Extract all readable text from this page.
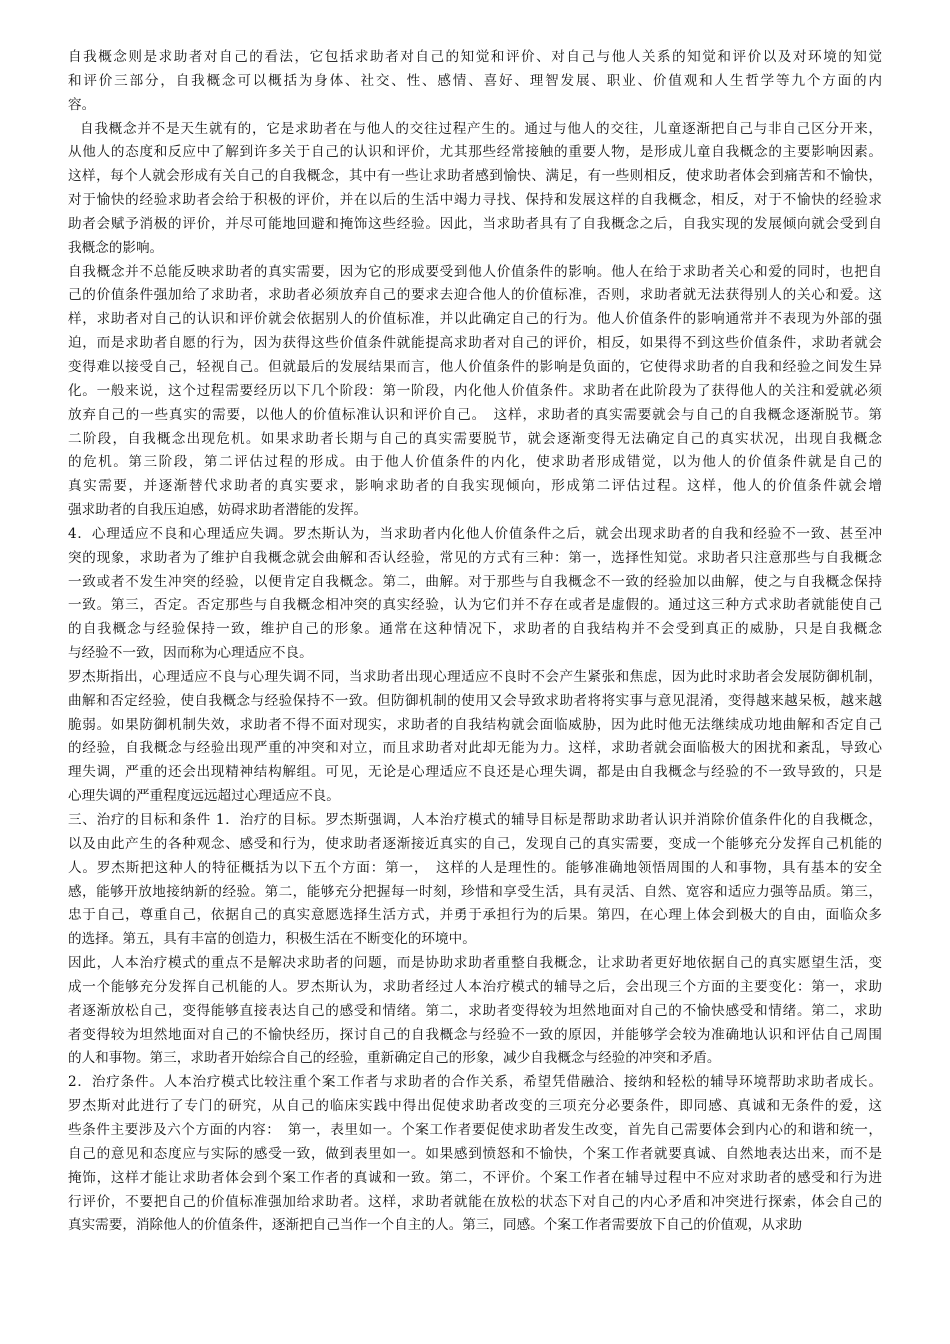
自我概念则是求助者对自己的看法，它包括求助者对自己的知觉和评价、对自己与他人关系的知觉和评价以及对环境的知觉
和评价三部分，自我概念可以概括为身体、社交、性、感情、喜好、理智发展、职业、价值观和人生哲学等九个方面的内
容。
自我概念并不是天生就有的，它是求助者在与他人的交往过程产生的。通过与他人的交往，儿童逐渐把自己与非自己区分开来，
从他人的态度和反应中了解到许多关于自己的认识和评价，尤其那些经常接触的重要人物，是形成儿童自我概念的主要影响因素。
这样，每个人就会形成有关自己的自我概念，其中有一些让求助者感到愉快、满足，有一些则相反，使求助者体会到痛苦和不愉快，
对于愉快的经验求助者会给于积极的评价，并在以后的生活中竭力寻找、保持和发展这样的自我概念，相反，对于不愉快的经验求
助者会赋予消极的评价，并尽可能地回避和掩饰这些经验。因此，当求助者具有了自我概念之后，自我实现的发展倾向就会受到自
我概念的影响。
自我概念并不总能反映求助者的真实需要，因为它的形成要受到他人价值条件的影响。他人在给于求助者关心和爱的同时，也把自
己的价值条件强加给了求助者，求助者必须放弃自己的要求去迎合他人的价值标准，否则，求助者就无法获得别人的关心和爱。这
样，求助者对自己的认识和评价就会依据别人的价值标准，并以此确定自己的行为。他人价值条件的影响通常并不表现为外部的强
迫，而是求助者自愿的行为，因为获得这些价值条件就能提高求助者对自己的评价，相反，如果得不到这些价值条件，求助者就会
变得难以接受自己，轻视自己。但就最后的发展结果而言，他人价值条件的影响是负面的，它使得求助者的自我和经验之间发生异
化。一般来说，这个过程需要经历以下几个阶段：第一阶段，内化他人价值条件。求助者在此阶段为了获得他人的关注和爱就必须
放弃自己的一些真实的需要，以他人的价值标准认识和评价自己。　这样，求助者的真实需要就会与自己的自我概念逐渐脱节。第
二阶段，自我概念出现危机。如果求助者长期与自己的真实需要脱节，就会逐渐变得无法确定自己的真实状况，出现自我概念
的危机。第三阶段，第二评估过程的形成。由于他人价值条件的内化，使求助者形成错觉，以为他人的价值条件就是自己的
真实需要，并逐渐替代求助者的真实要求，影响求助者的自我实现倾向，形成第二评估过程。这样，他人的价值条件就会增
强求助者的自我压迫感，妨碍求助者潜能的发挥。
4．心理适应不良和心理适应失调。罗杰斯认为，当求助者内化他人价值条件之后，就会出现求助者的自我和经验不一致、甚至冲
突的现象，求助者为了维护自我概念就会曲解和否认经验，常见的方式有三种：第一，选择性知觉。求助者只注意那些与自我概念
一致或者不发生冲突的经验，以便肯定自我概念。第二，曲解。对于那些与自我概念不一致的经验加以曲解，使之与自我概念保持
一致。第三，否定。否定那些与自我概念相冲突的真实经验，认为它们并不存在或者是虚假的。通过这三种方式求助者就能使自己
的自我概念与经验保持一致，维护自己的形象。通常在这种情况下，求助者的自我结构并不会受到真正的威胁，只是自我概念
与经验不一致，因而称为心理适应不良。
罗杰斯指出，心理适应不良与心理失调不同，当求助者出现心理适应不良时不会产生紧张和焦虑，因为此时求助者会发展防御机制，
曲解和否定经验，使自我概念与经验保持不一致。但防御机制的使用又会导致求助者将将实事与意见混淆，变得越来越呆板，越来越
脆弱。如果防御机制失效，求助者不得不面对现实，求助者的自我结构就会面临威胁，因为此时他无法继续成功地曲解和否定自己
的经验，自我概念与经验出现严重的冲突和对立，而且求助者对此却无能为力。这样，求助者就会面临极大的困扰和紊乱，导致心
理失调，严重的还会出现精神结构解组。可见，无论是心理适应不良还是心理失调，都是由自我概念与经验的不一致导致的，只是
心理失调的严重程度远远超过心理适应不良。
三、治疗的目标和条件 1．治疗的目标。罗杰斯强调，人本治疗模式的辅导目标是帮助求助者认识并消除价值条件化的自我概念，
以及由此产生的各种观念、感受和行为，使求助者逐渐接近真实的自己，发现自己的真实需要，变成一个能够充分发挥自己机能的
人。罗杰斯把这种人的特征概括为以下五个方面：第一，　这样的人是理性的。能够准确地领悟周围的人和事物，具有基本的安全
感，能够开放地接纳新的经验。第二，能够充分把握每一时刻，珍惜和享受生活，具有灵活、自然、宽容和适应力强等品质。第三，
忠于自己，尊重自己，依据自己的真实意愿选择生活方式，并勇于承担行为的后果。第四，在心理上体会到极大的自由，面临众多
的选择。第五，具有丰富的创造力，积极生活在不断变化的环境中。
因此，人本治疗模式的重点不是解决求助者的问题，而是协助求助者重整自我概念，让求助者更好地依据自己的真实愿望生活，变
成一个能够充分发挥自己机能的人。罗杰斯认为，求助者经过人本治疗模式的辅导之后，会出现三个方面的主要变化：第一，求助
者逐渐放松自己，变得能够直接表达自己的感受和情绪。第二，求助者变得较为坦然地面对自己的不愉快感受和情绪。第二，求助
者变得较为坦然地面对自己的不愉快经历，探讨自己的自我概念与经验不一致的原因，并能够学会较为准确地认识和评估自己周围
的人和事物。第三，求助者开始综合自己的经验，重新确定自己的形象，减少自我概念与经验的冲突和矛盾。
2．治疗条件。人本治疗模式比较注重个案工作者与求助者的合作关系，希望凭借融洽、接纳和轻松的辅导环境帮助求助者成长。
罗杰斯对此进行了专门的研究，从自己的临床实践中得出促使求助者改变的三项充分必要条件，即同感、真诚和无条件的爱，这
些条件主要涉及六个方面的内容：　第一，表里如一。个案工作者要促使求助者发生改变，首先自己需要体会到内心的和谐和统一，
自己的意见和态度应与实际的感受一致，做到表里如一。如果感到愤怒和不愉快，个案工作者就要真诚、自然地表达出来，而不是
掩饰，这样才能让求助者体会到个案工作者的真诚和一致。第二，不评价。个案工作者在辅导过程中不应对求助者的感受和行为进
行评价，不要把自己的价值标准强加给求助者。这样，求助者就能在放松的状态下对自己的内心矛盾和冲突进行探索，体会自己的
真实需要，消除他人的价值条件，逐渐把自己当作一个自主的人。第三，同感。个案工作者需要放下自己的价值观，从求助
